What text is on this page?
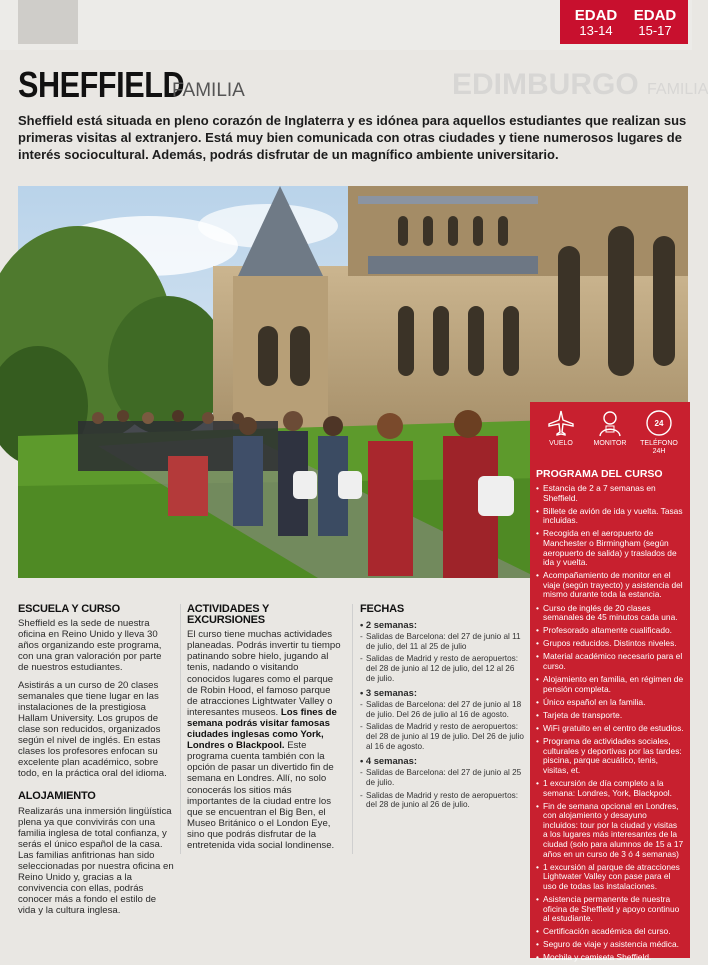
EDAD
13-14
EDAD
15-17
EDIMBURGO FAMILIA
SHEFFIELD
FAMILIA

Sheffield está situada en pleno corazón de Inglaterra y es idónea para aquellos estudiantes que realizan sus primeras visitas al extranjero. Está muy bien comunicada con otras ciudades y tiene numerosos lugares de interés sociocultural. Además, podrás disfrutar de un magnífico ambiente universitario.

VUELO	MONITOR
24
TELÉFONO 24H
PROGRAMA DEL CURSO
• Estancia de 2 a 7 semanas en Sheffield.
• Billete de avión de ida y vuelta. Tasas incluidas.
• Recogida en el aeropuerto de Manchester o Birmingham (según aeropuerto de salida) y traslados de ida y vuelta.
• Acompañamiento de monitor en el viaje (según trayecto) y asistencia del mismo durante toda la estancia.
• Curso de inglés de 20 clases semanales de 45 minutos cada una.
• Profesorado altamente cualificado.
• Grupos reducidos. Distintos niveles.
• Material académico necesario para el curso.
• Alojamiento en familia, en régimen de pensión completa.
• Único español en la familia.
• Tarjeta de transporte.
• WiFi gratuito en el centro de estudios.
• Programa de actividades sociales, culturales y deportivas por las tardes: piscina, parque acuático, tenis, visitas, et.
• 1 excursión de día completo a la semana: Londres, York, Blackpool.
• Fin de semana opcional en Londres, con alojamiento y desayuno incluidos: tour por la ciudad y visitas a los lugares más interesantes de la ciudad (solo para alumnos de 15 a 17 años en un curso de 3 ó 4 semanas)
• 1 excursión al parque de atracciones Lightwater Valley con pase para el uso de todas las instalaciones.
• Asistencia permanente de nuestra oficina de Sheffield y apoyo continuo al estudiante.
• Certificación académica del curso.
• Seguro de viaje y asistencia médica.
• Mochila y camiseta Sheffield.
ESCUELA Y CURSO

Sheffield es la sede de nuestra oficina en Reino Unido y lleva 30 años organizando este programa, con una gran valoración por parte de nuestros estudiantes.

Asistirás a un curso de 20 clases semanales que tiene lugar en las instalaciones de la prestigiosa Hallam University. Los grupos de clase son reducidos, organizados según el nivel de inglés. En estas clases los profesores enfocan su excelente plan académico, sobre todo, en la práctica oral del idioma.

ALOJAMIENTO

Realizarás una inmersión lingüística plena ya que convivirás con una familia inglesa de total confianza, y serás el único español de la casa. Las familias anfitrionas han sido seleccionadas por nuestra oficina en Reino Unido y, gracias a la convivencia con ellas, podrás conocer más a fondo el estilo de vida y la cultura inglesa.

ACTIVIDADES Y EXCURSIONES

El curso tiene muchas actividades planeadas. Podrás invertir tu tiempo patinando sobre hielo, jugando al tenis, nadando o visitando conocidos lugares como el parque de Robin Hood, el famoso parque de atracciones Lightwater Valley o interesantes museos. Los fines de semana podrás visitar famosas ciudades inglesas como York, Londres o Blackpool. Este programa cuenta también con la opción de pasar un divertido fin de semana en Londres. Allí, no solo conocerás los sitios más importantes de la ciudad entre los que se encuentran el Big Ben, el Museo Británico o el London Eye, sino que podrás disfrutar de la entretenida vida social londinense.

FECHAS
• 2 semanas:
- Salidas de Barcelona: del 27 de junio al 11 de julio, del 11 al 25 de julio
- Salidas de Madrid y resto de aeropuertos: del 28 de junio al 12 de julio, del 12 al 26 de julio.
• 3 semanas:
- Salidas de Barcelona: del 27 de junio al 18 de julio. Del 26 de julio al 16 de agosto.
- Salidas de Madrid y resto de aeropuertos: del 28 de junio al 19 de julio. Del 26 de julio al 16 de agosto.
• 4 semanas:
- Salidas de Barcelona: del 27 de junio al 25 de julio.
- Salidas de Madrid y resto de aeropuertos: del 28 de junio al 26 de julio.
